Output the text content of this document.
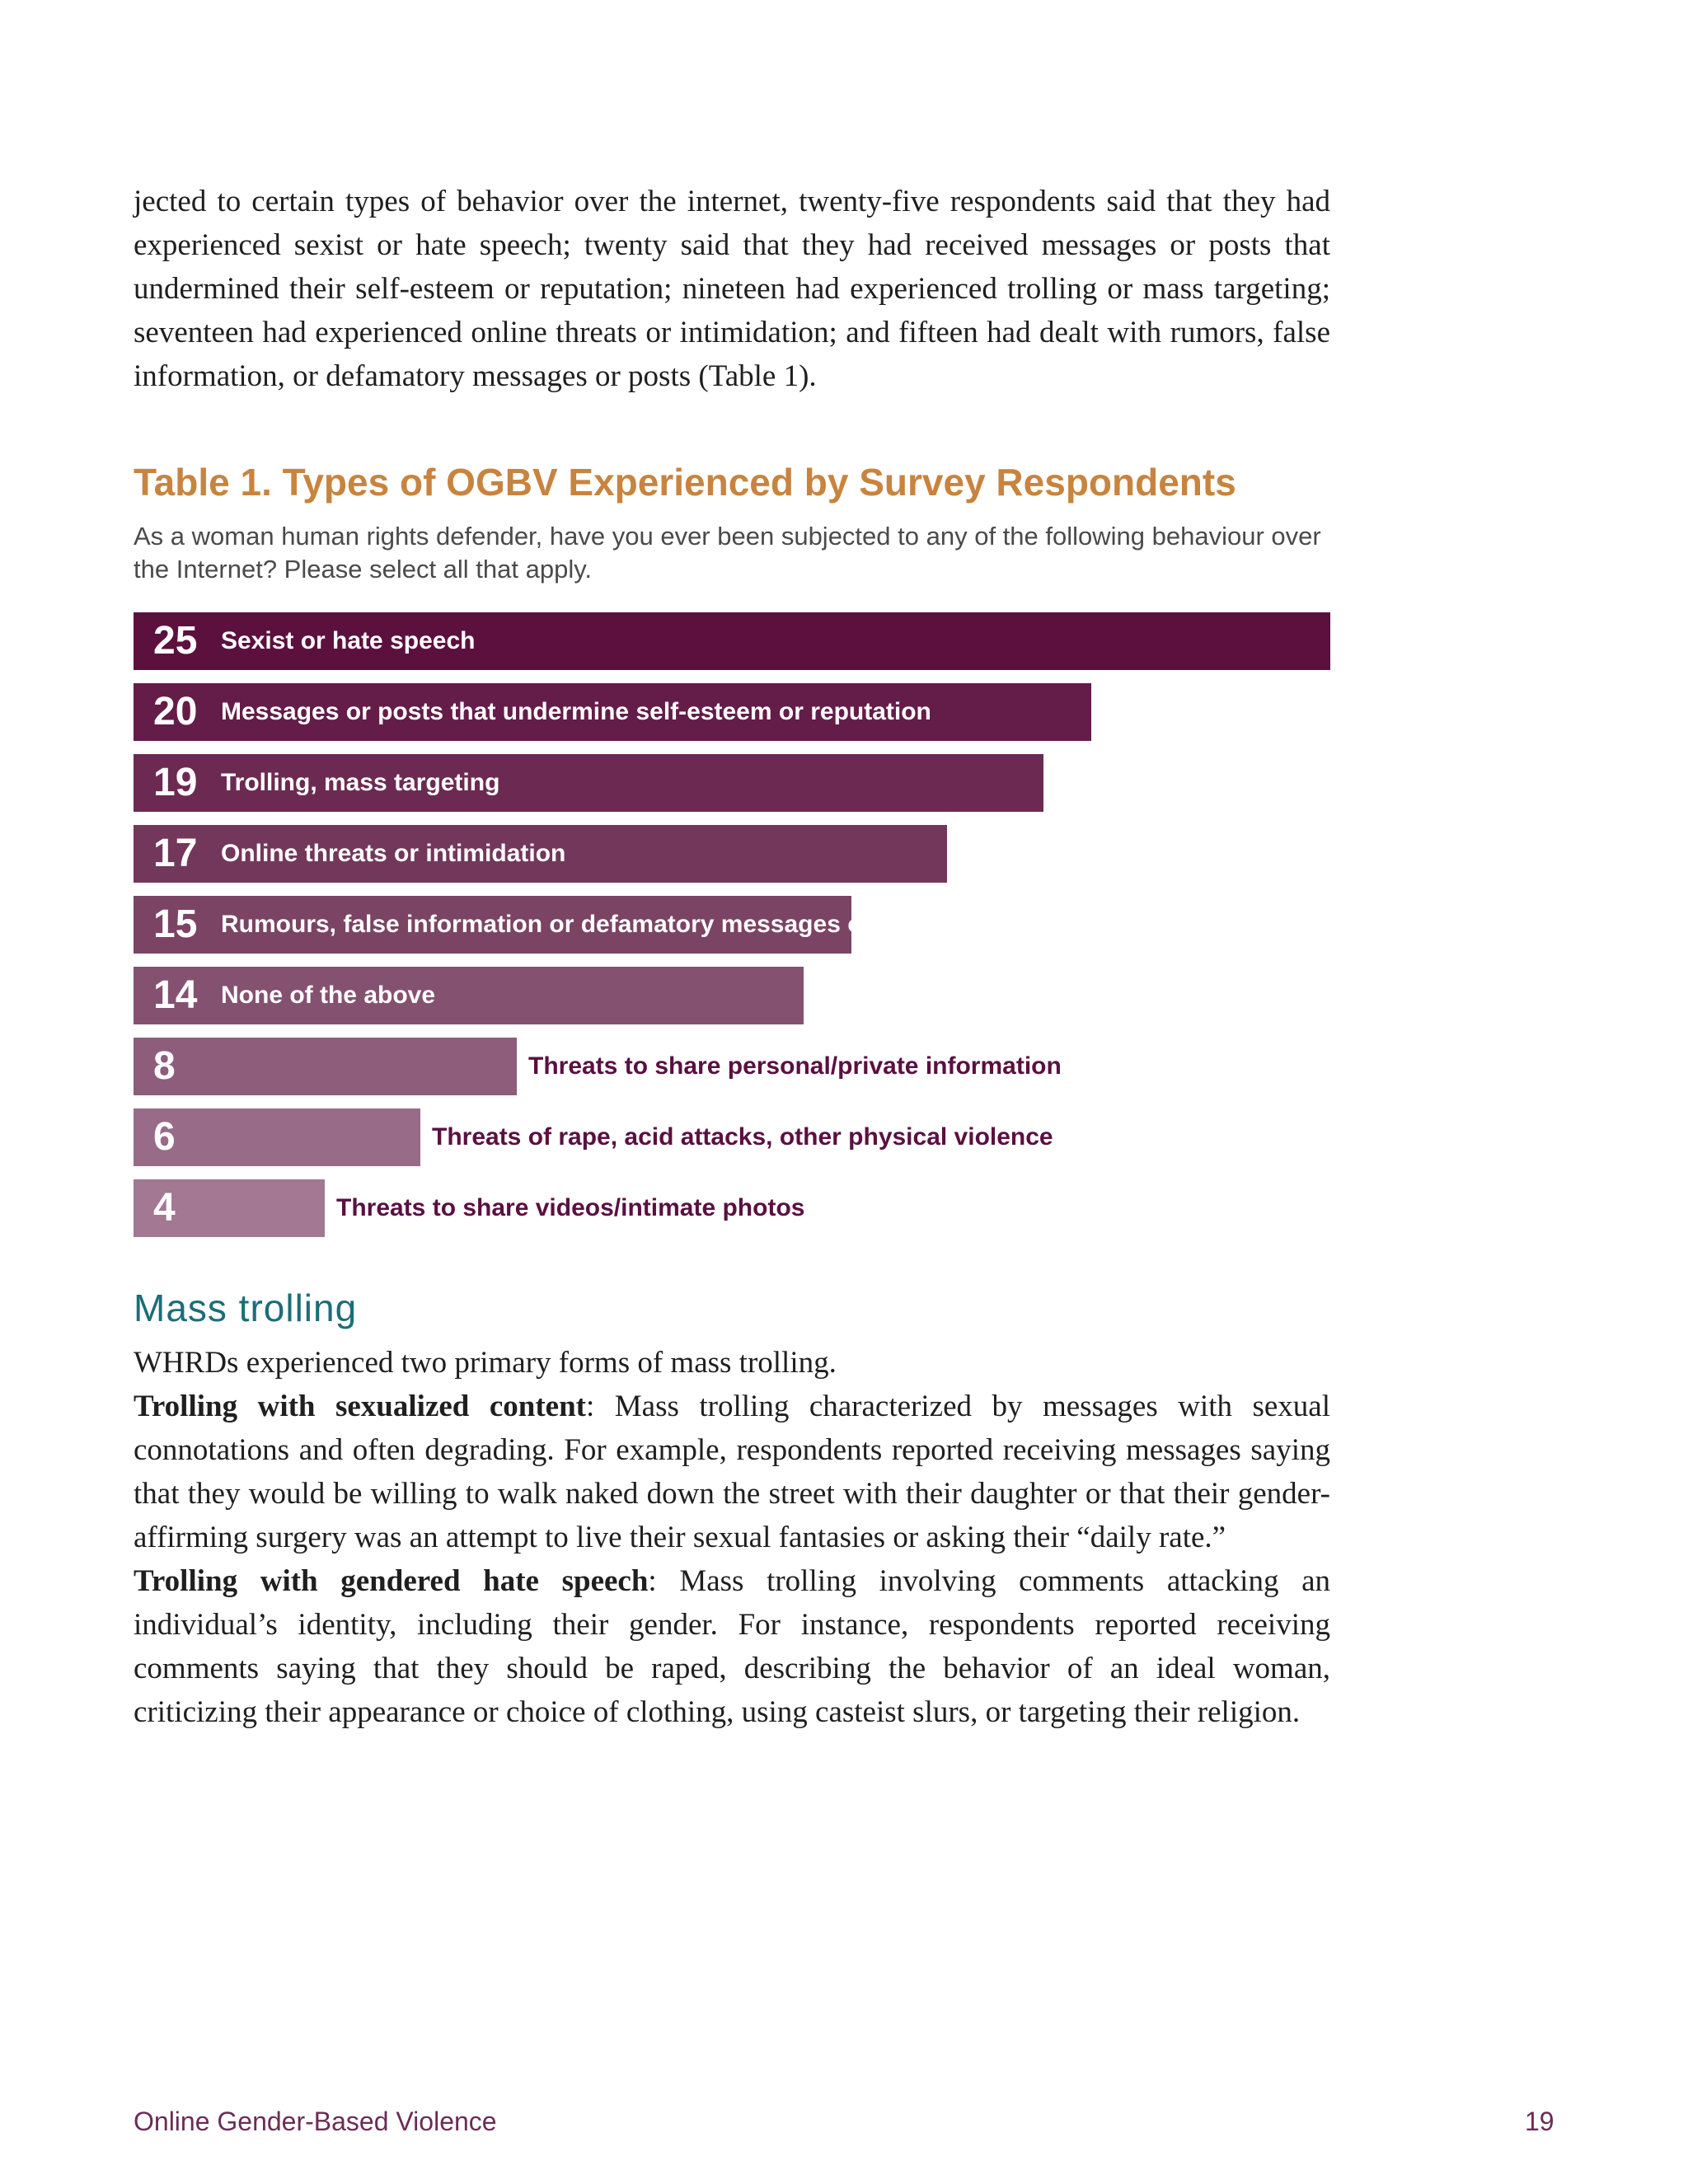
jected to certain types of behavior over the internet, twenty-five respondents said that they had experienced sexist or hate speech; twenty said that they had received messages or posts that undermined their self-esteem or reputation; nineteen had experienced trolling or mass targeting; seventeen had experienced online threats or intimidation; and fifteen had dealt with rumors, false information, or defamatory messages or posts (Table 1).

Table 1. Types of OGBV Experienced by Survey Respondents

As a woman human rights defender, have you ever been subjected to any of the following behaviour over the Internet? Please select all that apply.

25 Sexist or hate speech
20 Messages or posts that undermine self-esteem or reputation
19 Trolling, mass targeting
17 Online threats or intimidation
15 Rumours, false information or defamatory messages or posts
14 None of the above
8	Threats to share personal/private information
6	Threats of rape, acid attacks, other physical violence
4	Threats to share videos/intimate photos
Mass trolling

WHRDs experienced two primary forms of mass trolling.

Trolling with sexualized content: Mass trolling characterized by messages with sexual connotations and often degrading. For example, respondents reported receiving messages saying that they would be willing to walk naked down the street with their daughter or that their gender-affirming surgery was an attempt to live their sexual fantasies or asking their “daily rate.”

Trolling with gendered hate speech: Mass trolling involving comments attacking an individual’s identity, including their gender. For instance, respondents reported receiving comments saying that they should be raped, describing the behavior of an ideal woman, criticizing their appearance or choice of clothing, using casteist slurs, or targeting their religion.

Online Gender-Based Violence	19
